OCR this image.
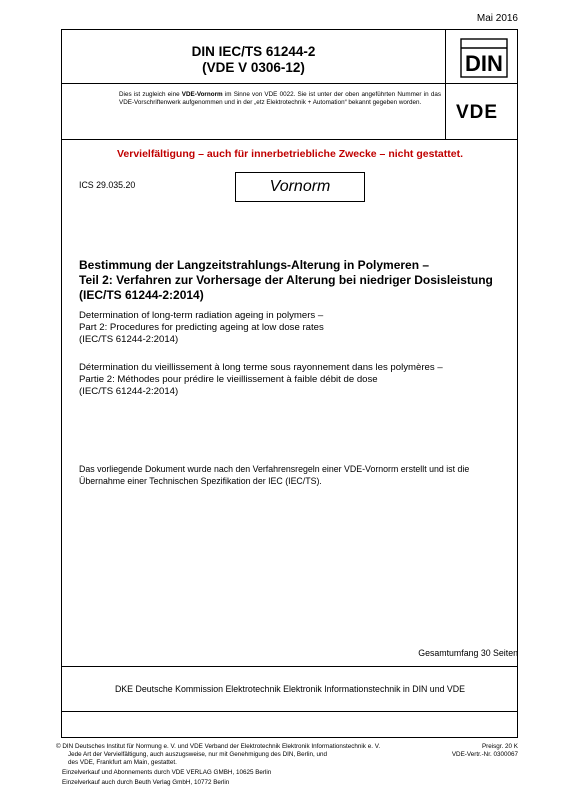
Mai 2016
DIN IEC/TS 61244-2
(VDE V 0306-12)	DIN
Dies ist zugleich eine VDE-Vornorm im Sinne von VDE 0022. Sie ist unter der oben angeführten Nummer in das VDE-Vorschriftenwerk aufgenommen und in der „etz Elektrotechnik + Automation“ bekannt gegeben worden.	VDE
Vervielfältigung – auch für innerbetriebliche Zwecke – nicht gestattet.
ICS 29.035.20	Vornorm
Bestimmung der Langzeitstrahlungs-Alterung in Polymeren –
Teil 2: Verfahren zur Vorhersage der Alterung bei niedriger Dosisleistung
(IEC/TS 61244-2:2014)
Determination of long-term radiation ageing in polymers –
Part 2: Procedures for predicting ageing at low dose rates
(IEC/TS 61244-2:2014)
Détermination du vieillissement à long terme sous rayonnement dans les polymères –
Partie 2: Méthodes pour prédire le vieillissement à faible débit de dose
(IEC/TS 61244-2:2014)
Das vorliegende Dokument wurde nach den Verfahrensregeln einer VDE-Vornorm erstellt und ist die
Übernahme einer Technischen Spezifikation der IEC (IEC/TS).
Gesamtumfang 30 Seiten
DKE Deutsche Kommission Elektrotechnik Elektronik Informationstechnik in DIN und VDE
© DIN Deutsches Institut für Normung e. V. und VDE Verband der Elektrotechnik Elektronik Informationstechnik e. V.
Jede Art der Vervielfältigung, auch auszugsweise, nur mit Genehmigung des DIN, Berlin, und
des VDE, Frankfurt am Main, gestattet.
Preisgr. 20 K
VDE-Vertr.-Nr. 0300067
Einzelverkauf und Abonnements durch VDE VERLAG GMBH, 10625 Berlin
Einzelverkauf auch durch Beuth Verlag GmbH, 10772 Berlin
